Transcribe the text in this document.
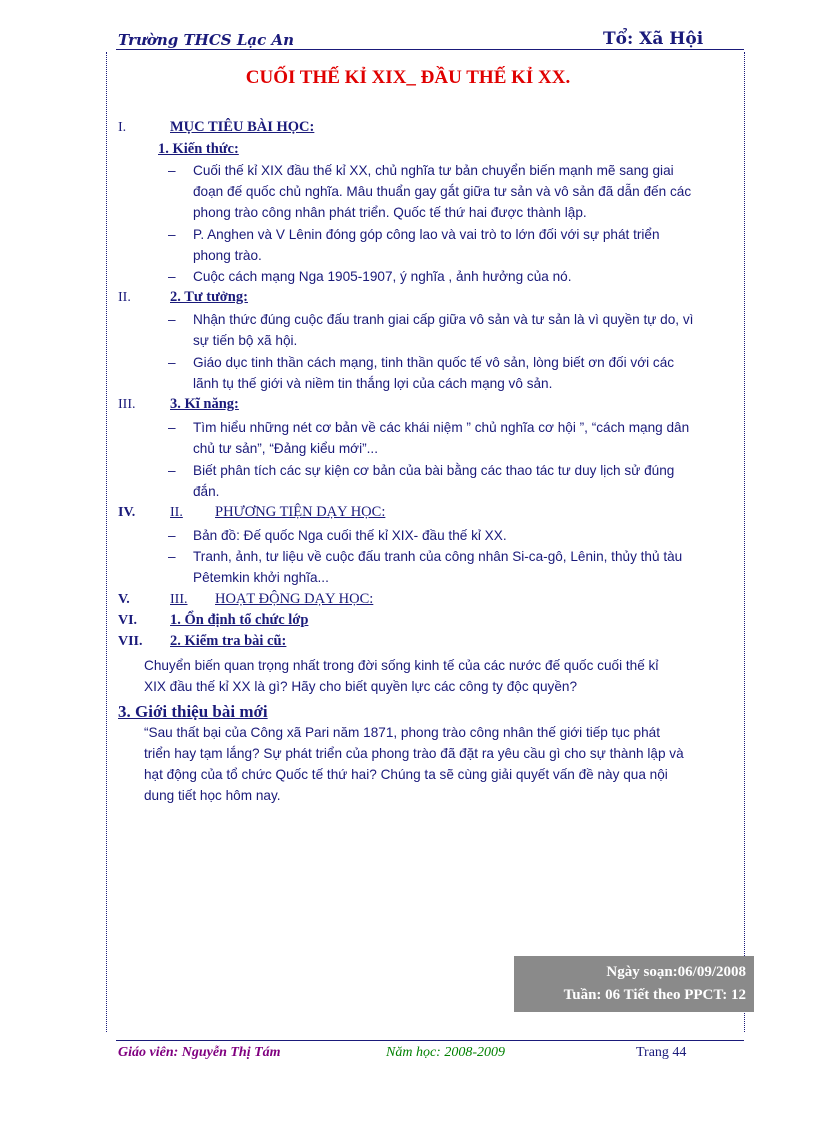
Trường THCS Lạc An	Tổ: Xã Hội
CUỐI THẾ KỈ XIX_ ĐẦU THẾ KỈ XX.
I.	MỤC TIÊU BÀI HỌC:
1. Kiến thức:
– Cuối thế kỉ XIX đầu thế kỉ XX, chủ nghĩa tư bản chuyển biến mạnh mẽ sang giai
đoạn đế quốc chủ nghĩa. Mâu thuẩn gay gắt giữa tư sản và vô sản đã dẫn đến các
phong trào công nhân phát triển. Quốc tế thứ hai được thành lập.
– P. Anghen và V Lênin đóng góp công lao và vai trò to lớn đối với sự phát triển
phong trào.
– Cuộc cách mạng Nga 1905-1907, ý nghĩa , ảnh hưởng của nó.
II.	2. Tư tưởng:
– Nhận thức đúng cuộc đấu tranh giai cấp giữa vô sản và tư sản là vì quyền tự do, vì
sự tiến bộ xã hội.
– Giáo dục tinh thần cách mạng, tinh thần quốc tế vô sản, lòng biết ơn đối với các
lãnh tụ thế giới và niềm tin thắng lợi của cách mạng vô sản.
III. 3. Kĩ năng:
– Tìm hiểu những nét cơ bản về các khái niệm ” chủ nghĩa cơ hội ”, “cách mạng dân
chủ tư sản”, “Đảng kiểu mới”...
– Biết phân tích các sự kiện cơ bản của bài bằng các thao tác tư duy lịch sử đúng
đắn.
IV. II. PHƯƠNG TIỆN DẠY HỌC:
– Bản đồ: Đế quốc Nga cuối thế kỉ XIX- đầu thế kỉ XX.
– Tranh, ảnh, tư liệu về cuộc đấu tranh của công nhân Si-ca-gô, Lênin, thủy thủ tàu
Pêtemkin khởi nghĩa...
V.	III. HOẠT ĐỘNG DẠY HỌC:
VI. 1. Ổn định tổ chức lớp
VII. 2. Kiểm tra bài cũ:
Chuyển biến quan trọng nhất trong đời sống kinh tế của các nước đế quốc cuối thế kỉ
XIX đầu thế kỉ XX là gì? Hãy cho biết quyền lực các công ty độc quyền?
3. Giới thiệu bài mới
“Sau thất bại của Công xã Pari năm 1871, phong trào công nhân thế giới tiếp tục phát
triển hay tạm lắng? Sự phát triển của phong trào đã đặt ra yêu cầu gì cho sự thành lập và
hạt động của tổ chức Quốc tế thứ hai? Chúng ta sẽ cùng giải quyết vấn đề này qua nội
dung tiết học hôm nay.
Ngày soạn:06/09/2008
Tuần: 06 Tiết theo PPCT: 12
Giáo viên: Nguyễn Thị Tám	Năm học: 2008-2009	Trang 44
